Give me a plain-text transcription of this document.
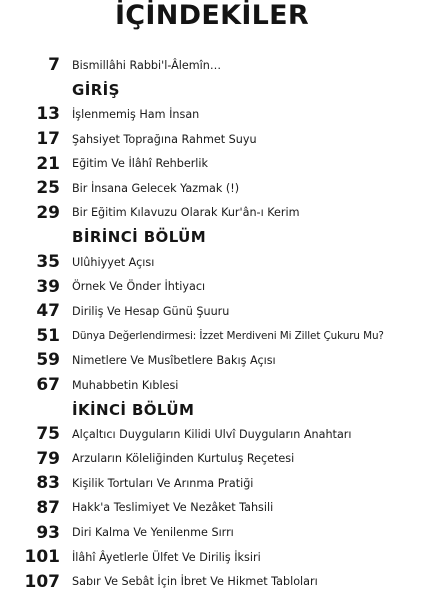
İÇİNDEKİLER
7 Bismillâhi Rabbi'l-Âlemîn…
GİRİŞ
13 İşlenmemiş Ham İnsan
17 Şahsiyet Toprağına Rahmet Suyu
21 Eğitim Ve İlâhî Rehberlik
25 Bir İnsana Gelecek Yazmak (!)
29 Bir Eğitim Kılavuzu Olarak Kur'ân-ı Kerim
BİRİNCİ BÖLÜM
35 Ulûhiyyet Açısı
39 Örnek Ve Önder İhtiyacı
47 Diriliş Ve Hesap Günü Şuuru
51 Dünya Değerlendirmesi: İzzet Merdiveni Mi Zillet Çukuru Mu?
59 Nimetlere Ve Musîbetlere Bakış Açısı
67 Muhabbetin Kıblesi
İKİNCİ BÖLÜM
75 Alçaltıcı Duyguların Kilidi Ulvî Duyguların Anahtarı
79 Arzuların Köleliğinden Kurtuluş Reçetesi
83 Kişilik Tortuları Ve Arınma Pratiği
87 Hakk'a Teslimiyet Ve Nezâket Tahsili
93 Diri Kalma Ve Yenilenme Sırrı
101 İlâhî Âyetlerle Ülfet Ve Diriliş İksiri
107 Sabır Ve Sebât İçin İbret Ve Hikmet Tabloları
